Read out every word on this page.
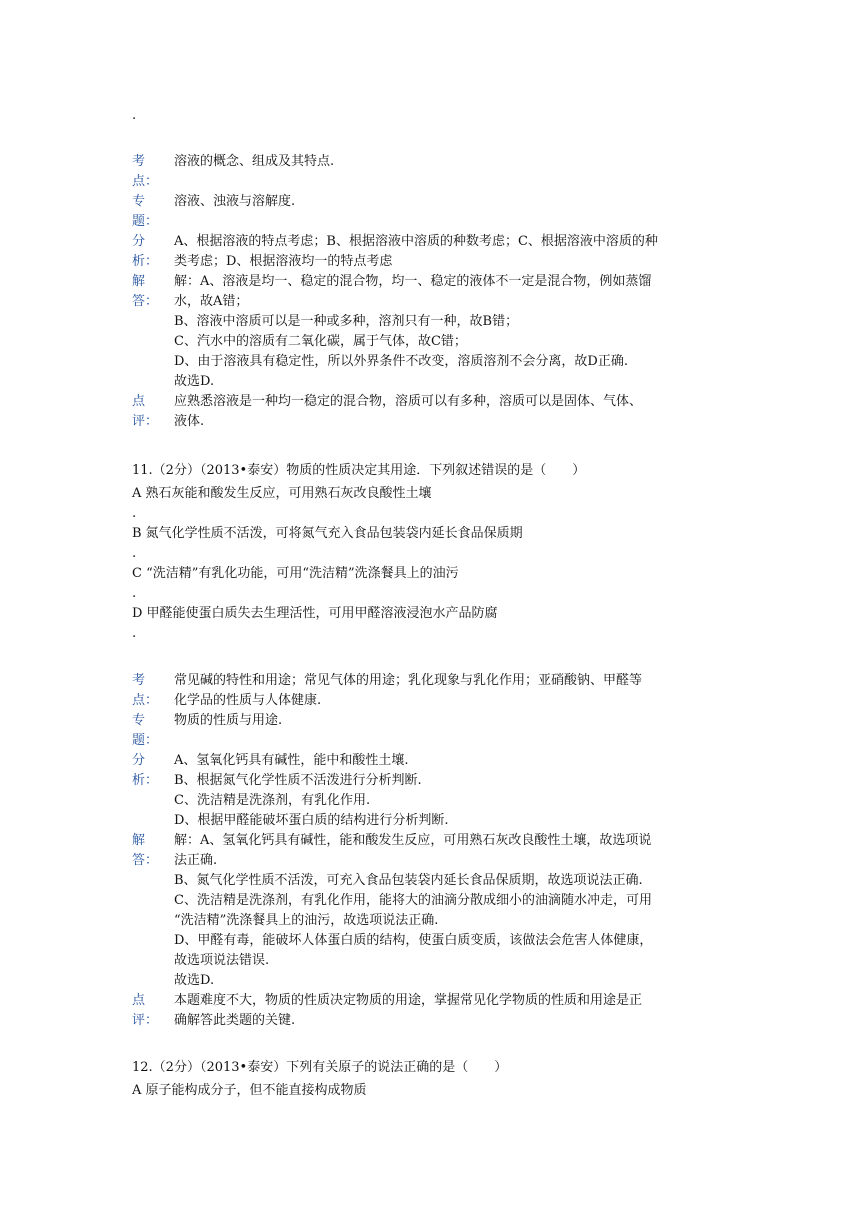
.
考
点：
溶液的概念、组成及其特点.
专
题：
溶液、浊液与溶解度.
分
析：
A、根据溶液的特点考虑；B、根据溶液中溶质的种数考虑；C、根据溶液中溶质的种
类考虑；D、根据溶液均一的特点考虑
解
答：
解：A、溶液是均一、稳定的混合物，均一、稳定的液体不一定是混合物，例如蒸馏
水，故A错；
B、溶液中溶质可以是一种或多种，溶剂只有一种，故B错；
C、汽水中的溶质有二氧化碳，属于气体，故C错；
D、由于溶液具有稳定性，所以外界条件不改变，溶质溶剂不会分离，故D正确.
故选D.
点
评：
应熟悉溶液是一种均一稳定的混合物，溶质可以有多种，溶质可以是固体、气体、
液体.
11.（2分）（2013•泰安）物质的性质决定其用途．下列叙述错误的是（　　）
A 熟石灰能和酸发生反应，可用熟石灰改良酸性土壤
.
B 氮气化学性质不活泼，可将氮气充入食品包装袋内延长食品保质期
.
C “洗洁精”有乳化功能，可用“洗洁精”洗涤餐具上的油污
.
D 甲醛能使蛋白质失去生理活性，可用甲醛溶液浸泡水产品防腐
.
考
点：
常见碱的特性和用途；常见气体的用途；乳化现象与乳化作用；亚硝酸钠、甲醛等
化学品的性质与人体健康.
专
题：
物质的性质与用途.
分
析：
A、氢氧化钙具有碱性，能中和酸性土壤.
B、根据氮气化学性质不活泼进行分析判断.
C、洗洁精是洗涤剂，有乳化作用.
D、根据甲醛能破坏蛋白质的结构进行分析判断.
解
答：
解：A、氢氧化钙具有碱性，能和酸发生反应，可用熟石灰改良酸性土壤，故选项说
法正确.
B、氮气化学性质不活泼，可充入食品包装袋内延长食品保质期，故选项说法正确.
C、洗洁精是洗涤剂，有乳化作用，能将大的油滴分散成细小的油滴随水冲走，可用
“洗洁精”洗涤餐具上的油污，故选项说法正确.
D、甲醛有毒，能破坏人体蛋白质的结构，使蛋白质变质，该做法会危害人体健康，
故选项说法错误.
故选D.
点
评：
本题难度不大，物质的性质决定物质的用途，掌握常见化学物质的性质和用途是正
确解答此类题的关键.
12.（2分）（2013•泰安）下列有关原子的说法正确的是（　　）
A 原子能构成分子，但不能直接构成物质
